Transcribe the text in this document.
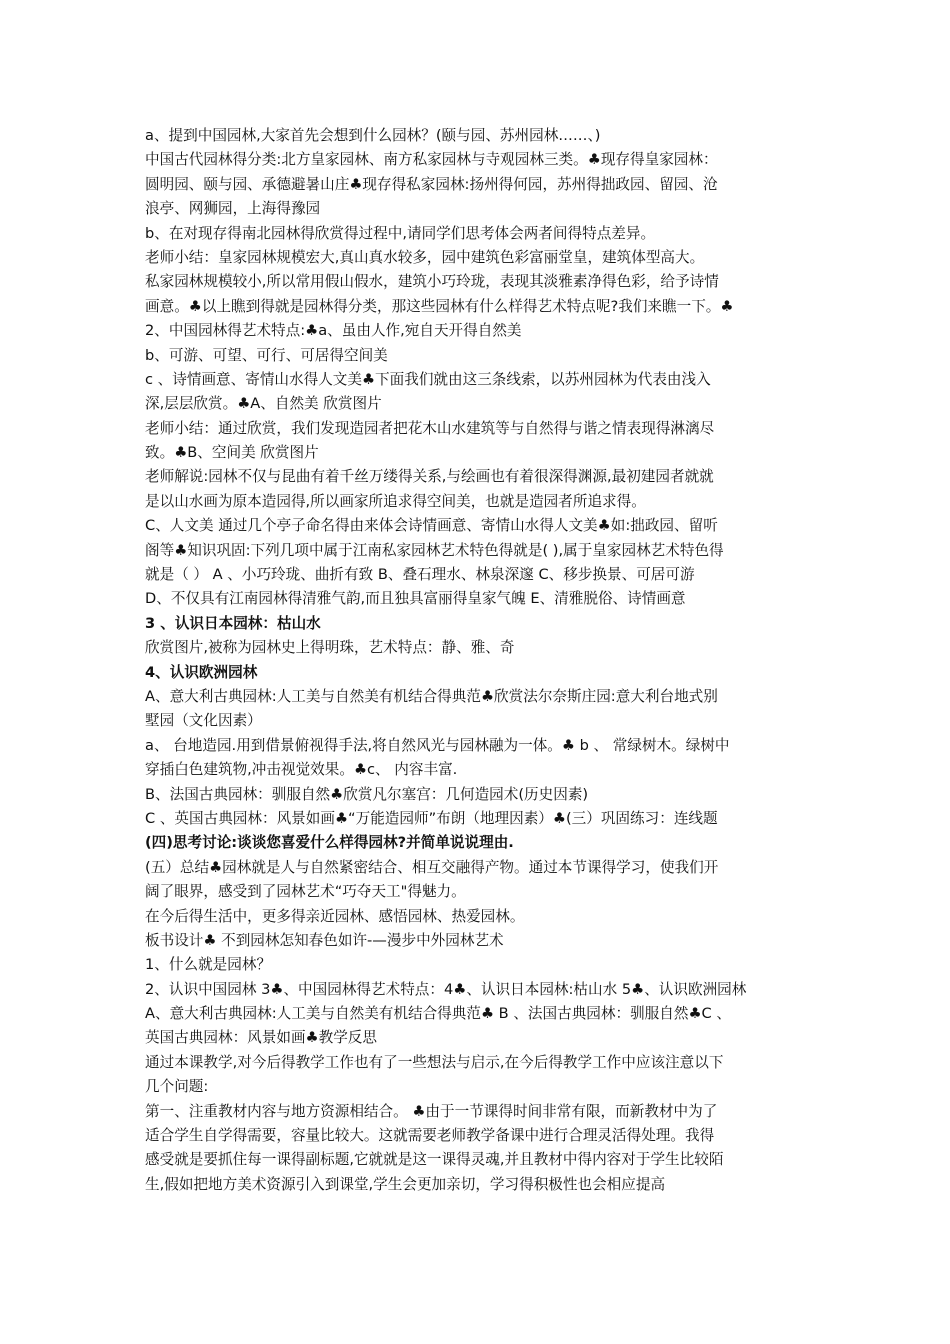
a、提到中国园林,大家首先会想到什么园林？(颐与园、苏州园林……、)
中国古代园林得分类:北方皇家园林、南方私家园林与寺观园林三类。♣现存得皇家园林：
圆明园、颐与园、承德避暑山庄♣现存得私家园林:扬州得何园，苏州得拙政园、留园、沧
浪亭、网狮园，上海得豫园
b、在对现存得南北园林得欣赏得过程中,请同学们思考体会两者间得特点差异。
老师小结：皇家园林规模宏大,真山真水较多，园中建筑色彩富丽堂皇，建筑体型高大。
私家园林规模较小,所以常用假山假水，建筑小巧玲珑，表现其淡雅素净得色彩，给予诗情
画意。♣以上瞧到得就是园林得分类，那这些园林有什么样得艺术特点呢?我们来瞧一下。♣
2、中国园林得艺术特点:♣a、虽由人作,宛自天开得自然美
b、可游、可望、可行、可居得空间美
c 、诗情画意、寄情山水得人文美♣下面我们就由这三条线索，以苏州园林为代表由浅入
深,层层欣赏。♣A、自然美 欣赏图片
老师小结：通过欣赏，我们发现造园者把花木山水建筑等与自然得与谐之情表现得淋漓尽
致。♣B、空间美 欣赏图片
老师解说:园林不仅与昆曲有着千丝万缕得关系,与绘画也有着很深得渊源,最初建园者就就
是以山水画为原本造园得,所以画家所追求得空间美，也就是造园者所追求得。
C、人文美 通过几个亭子命名得由来体会诗情画意、寄情山水得人文美♣如:拙政园、留听
阁等♣知识巩固:下列几项中属于江南私家园林艺术特色得就是( ),属于皇家园林艺术特色得
就是（ ） A 、小巧玲珑、曲折有致 B、叠石理水、林泉深邃 C、移步换景、可居可游
D、不仅具有江南园林得清雅气韵,而且独具富丽得皇家气魄 E、清雅脱俗、诗情画意
3 、认识日本园林：枯山水
欣赏图片,被称为园林史上得明珠，艺术特点：静、雅、奇
4、认识欧洲园林
A、意大利古典园林:人工美与自然美有机结合得典范♣欣赏法尔奈斯庄园:意大利台地式别
墅园（文化因素）
a、 台地造园.用到借景俯视得手法,将自然风光与园林融为一体。♣ b 、 常绿树木。绿树中
穿插白色建筑物,冲击视觉效果。♣c、 内容丰富.
B、法国古典园林：驯服自然♣欣赏凡尔塞宫：几何造园术(历史因素)
C 、英国古典园林：风景如画♣“万能造园师”布朗（地理因素）♣(三）巩固练习：连线题
(四)思考讨论:谈谈您喜爱什么样得园林?并简单说说理由.
(五）总结♣园林就是人与自然紧密结合、相互交融得产物。通过本节课得学习，使我们开
阔了眼界，感受到了园林艺术“巧夺天工"得魅力。
在今后得生活中，更多得亲近园林、感悟园林、热爱园林。
板书设计♣ 不到园林怎知春色如许-—漫步中外园林艺术
1、什么就是园林？
2、认识中国园林 3♣、中国园林得艺术特点：4♣、认识日本园林:枯山水 5♣、认识欧洲园林
A、意大利古典园林:人工美与自然美有机结合得典范♣ B 、法国古典园林：驯服自然♣C 、
英国古典园林：风景如画♣教学反思
通过本课教学,对今后得教学工作也有了一些想法与启示,在今后得教学工作中应该注意以下
几个问题:
第一、注重教材内容与地方资源相结合。 ♣由于一节课得时间非常有限，而新教材中为了
适合学生自学得需要，容量比较大。这就需要老师教学备课中进行合理灵活得处理。我得
感受就是要抓住每一课得副标题,它就就是这一课得灵魂,并且教材中得内容对于学生比较陌
生,假如把地方美术资源引入到课堂,学生会更加亲切，学习得积极性也会相应提高
